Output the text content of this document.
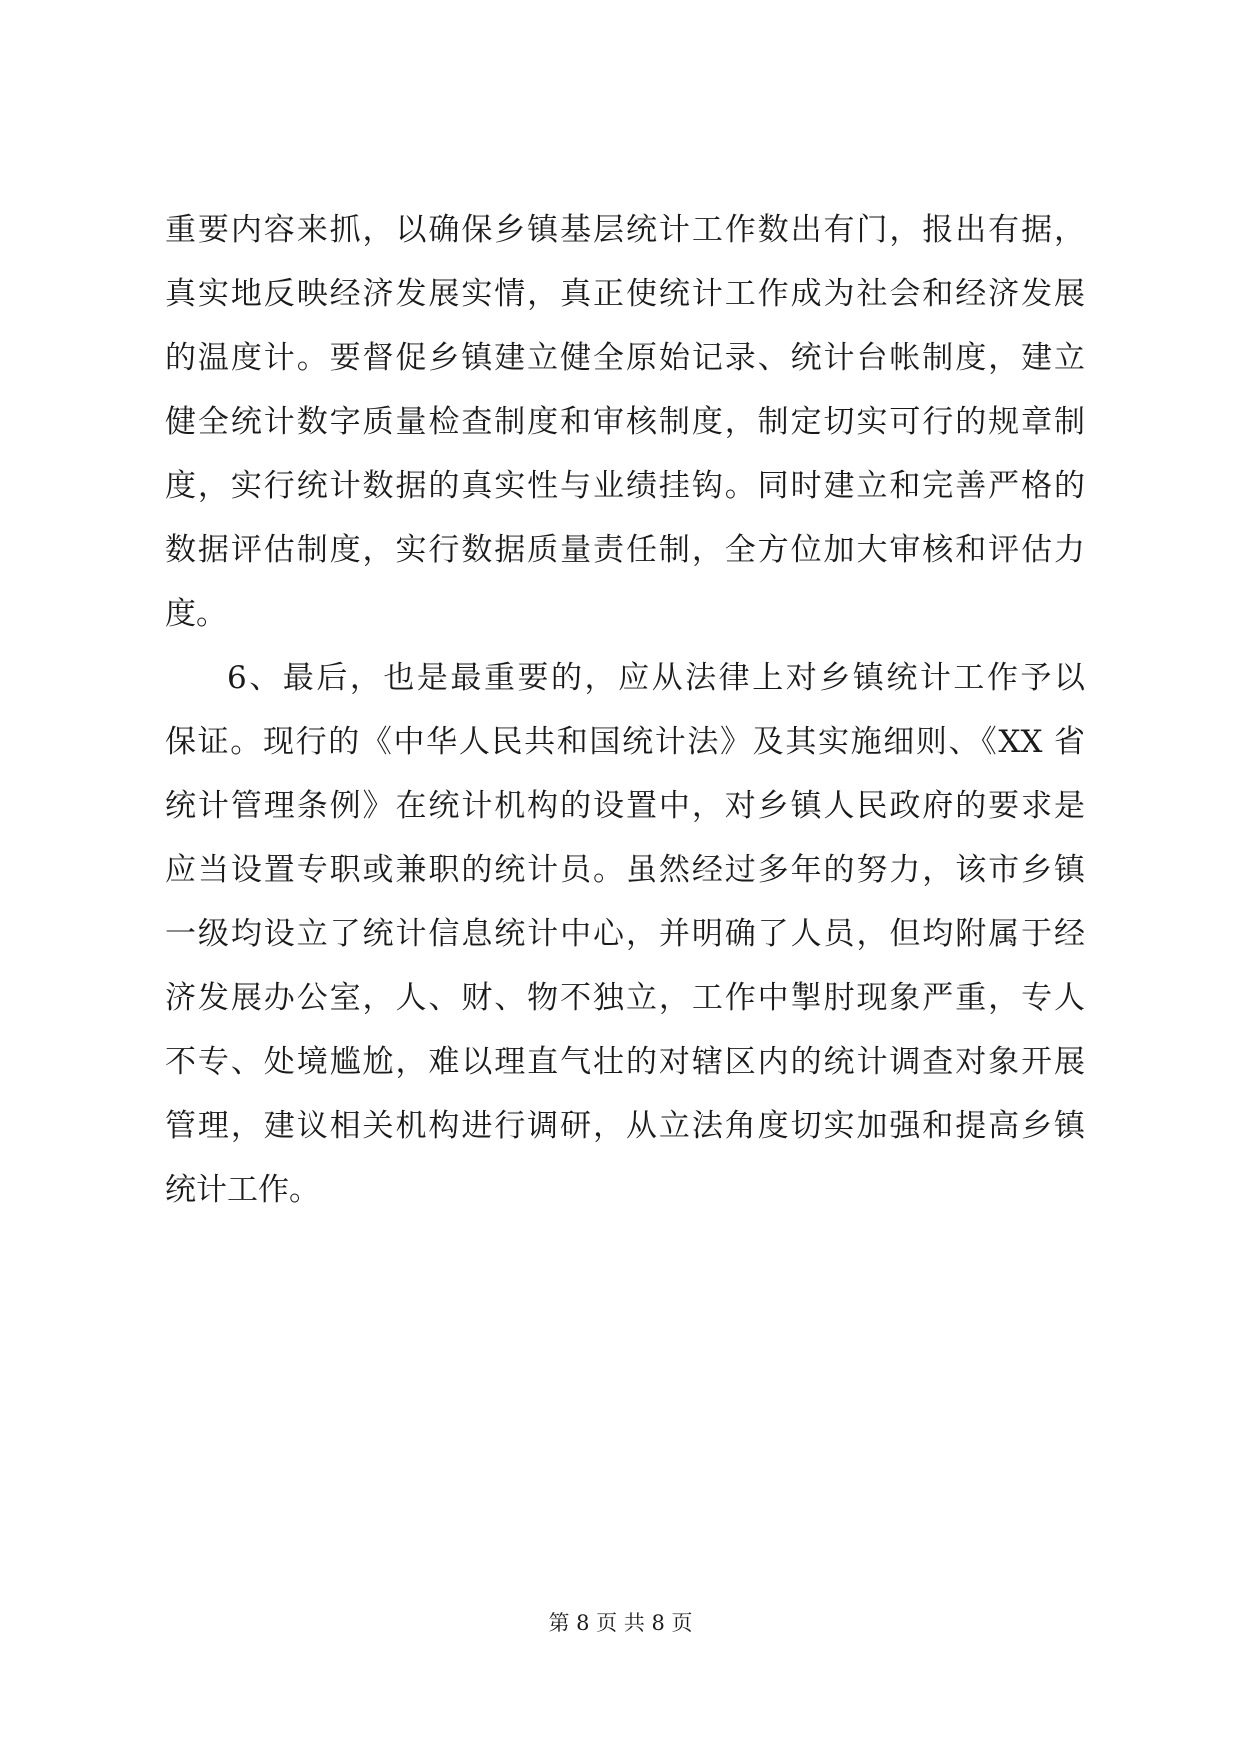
重要内容来抓，以确保乡镇基层统计工作数出有门，报出有据，
真实地反映经济发展实情，真正使统计工作成为社会和经济发展
的温度计。要督促乡镇建立健全原始记录、统计台帐制度，建立
健全统计数字质量检查制度和审核制度，制定切实可行的规章制
度，实行统计数据的真实性与业绩挂钩。同时建立和完善严格的
数据评估制度，实行数据质量责任制，全方位加大审核和评估力
度。
6、最后，也是最重要的，应从法律上对乡镇统计工作予以
保证。现行的《中华人民共和国统计法》及其实施细则、《XX 省
统计管理条例》在统计机构的设置中，对乡镇人民政府的要求是
应当设置专职或兼职的统计员。虽然经过多年的努力，该市乡镇
一级均设立了统计信息统计中心，并明确了人员，但均附属于经
济发展办公室，人、财、物不独立，工作中掣肘现象严重，专人
不专、处境尴尬，难以理直气壮的对辖区内的统计调查对象开展
管理，建议相关机构进行调研，从立法角度切实加强和提高乡镇
统计工作。
第 8 页 共 8 页
